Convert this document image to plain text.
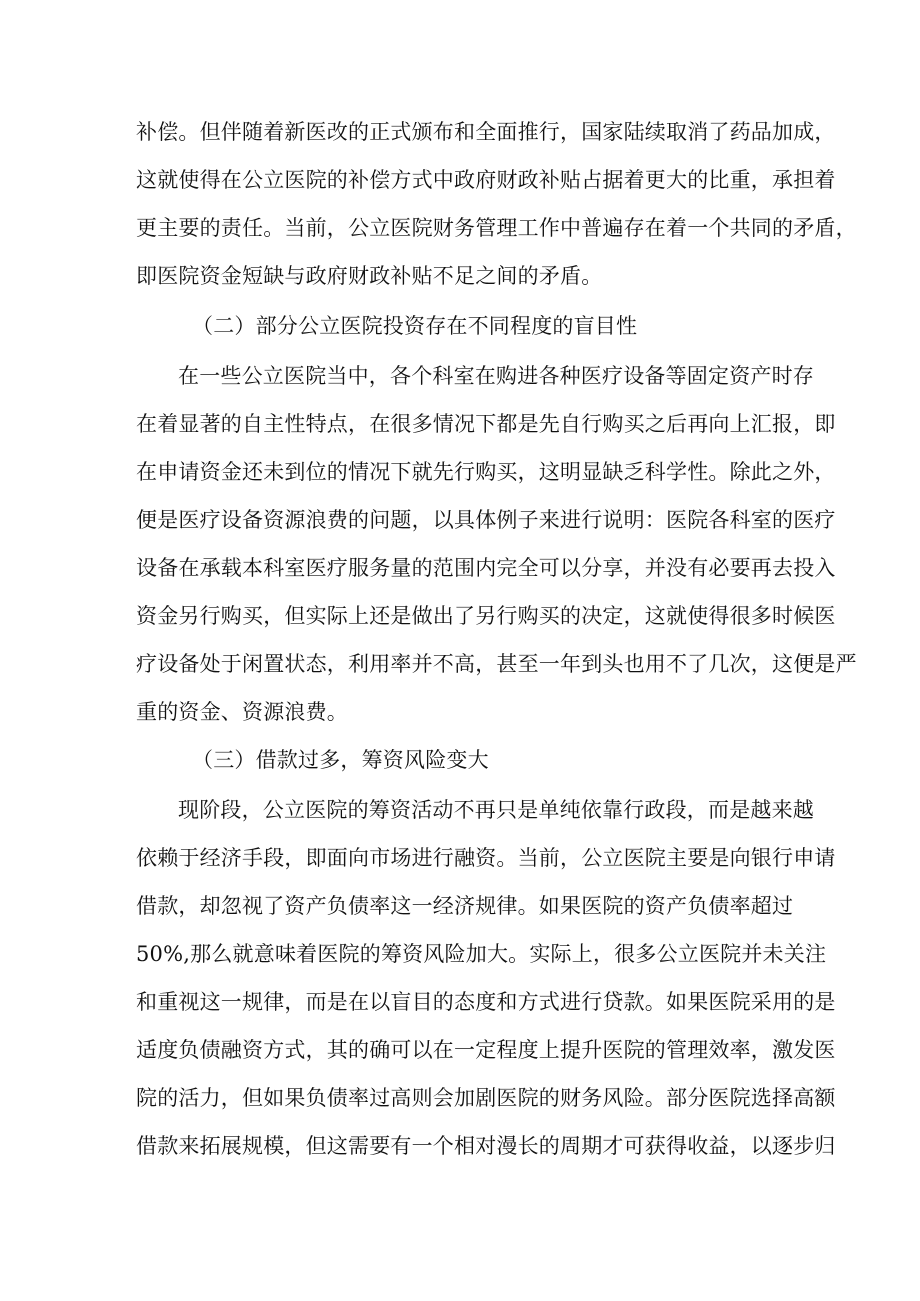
补偿。但伴随着新医改的正式颁布和全面推行，国家陆续取消了药品加成，
这就使得在公立医院的补偿方式中政府财政补贴占据着更大的比重，承担着
更主要的责任。当前，公立医院财务管理工作中普遍存在着一个共同的矛盾，
即医院资金短缺与政府财政补贴不足之间的矛盾。
（二）部分公立医院投资存在不同程度的盲目性
在一些公立医院当中，各个科室在购进各种医疗设备等固定资产时存
在着显著的自主性特点，在很多情况下都是先自行购买之后再向上汇报，即
在申请资金还未到位的情况下就先行购买，这明显缺乏科学性。除此之外，
便是医疗设备资源浪费的问题，以具体例子来进行说明：医院各科室的医疗
设备在承载本科室医疗服务量的范围内完全可以分享，并没有必要再去投入
资金另行购买，但实际上还是做出了另行购买的决定，这就使得很多时候医
疗设备处于闲置状态，利用率并不高，甚至一年到头也用不了几次，这便是严
重的资金、资源浪费。
（三）借款过多，筹资风险变大
现阶段，公立医院的筹资活动不再只是单纯依靠行政段，而是越来越
依赖于经济手段，即面向市场进行融资。当前，公立医院主要是向银行申请
借款，却忽视了资产负债率这一经济规律。如果医院的资产负债率超过
50%,那么就意味着医院的筹资风险加大。实际上，很多公立医院并未关注
和重视这一规律，而是在以盲目的态度和方式进行贷款。如果医院采用的是
适度负债融资方式，其的确可以在一定程度上提升医院的管理效率，激发医
院的活力，但如果负债率过高则会加剧医院的财务风险。部分医院选择高额
借款来拓展规模，但这需要有一个相对漫长的周期才可获得收益，以逐步归
